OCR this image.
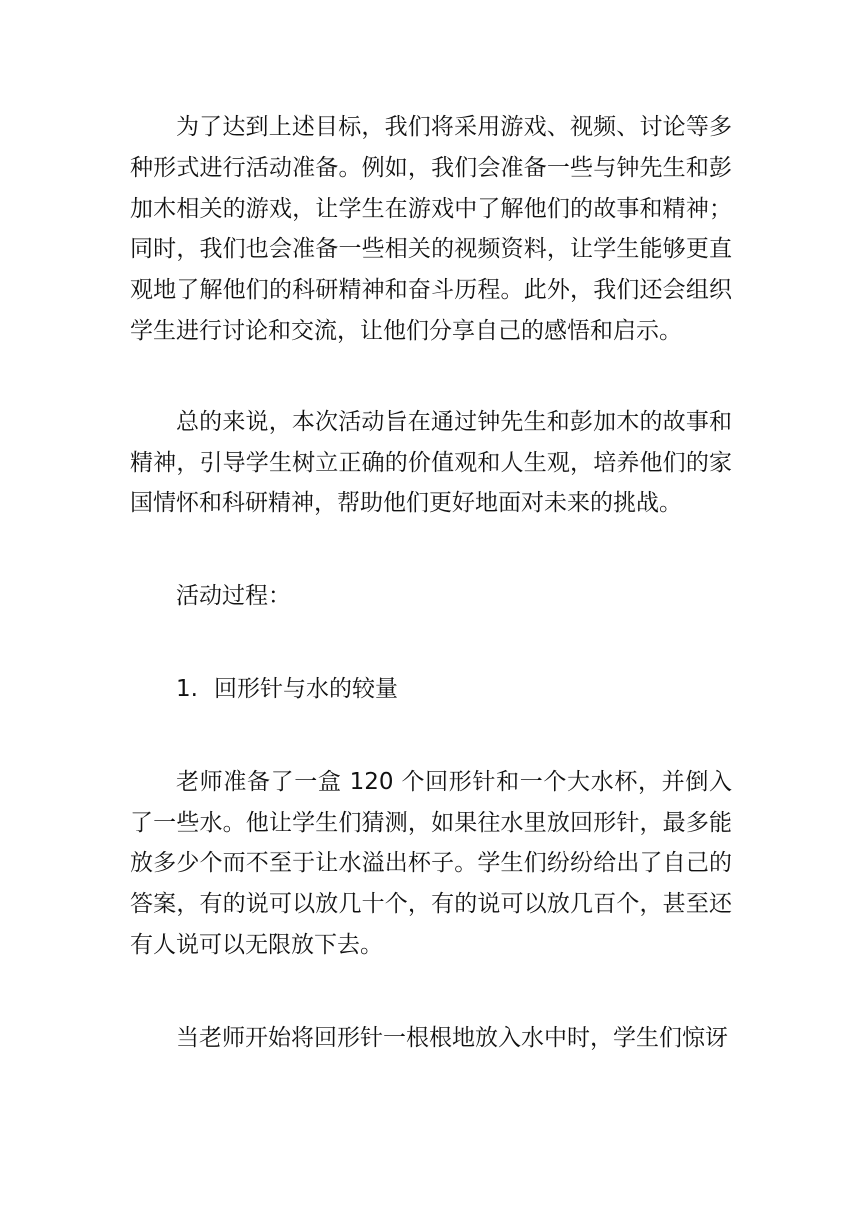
为了达到上述目标，我们将采用游戏、视频、讨论等多种形式进行活动准备。例如，我们会准备一些与钟先生和彭加木相关的游戏，让学生在游戏中了解他们的故事和精神；同时，我们也会准备一些相关的视频资料，让学生能够更直观地了解他们的科研精神和奋斗历程。此外，我们还会组织学生进行讨论和交流，让他们分享自己的感悟和启示。

总的来说，本次活动旨在通过钟先生和彭加木的故事和精神，引导学生树立正确的价值观和人生观，培养他们的家国情怀和科研精神，帮助他们更好地面对未来的挑战。

活动过程：

1. 回形针与水的较量

老师准备了一盒 120 个回形针和一个大水杯，并倒入了一些水。他让学生们猜测，如果往水里放回形针，最多能放多少个而不至于让水溢出杯子。学生们纷纷给出了自己的答案，有的说可以放几十个，有的说可以放几百个，甚至还有人说可以无限放下去。

当老师开始将回形针一根根地放入水中时，学生们惊讶
